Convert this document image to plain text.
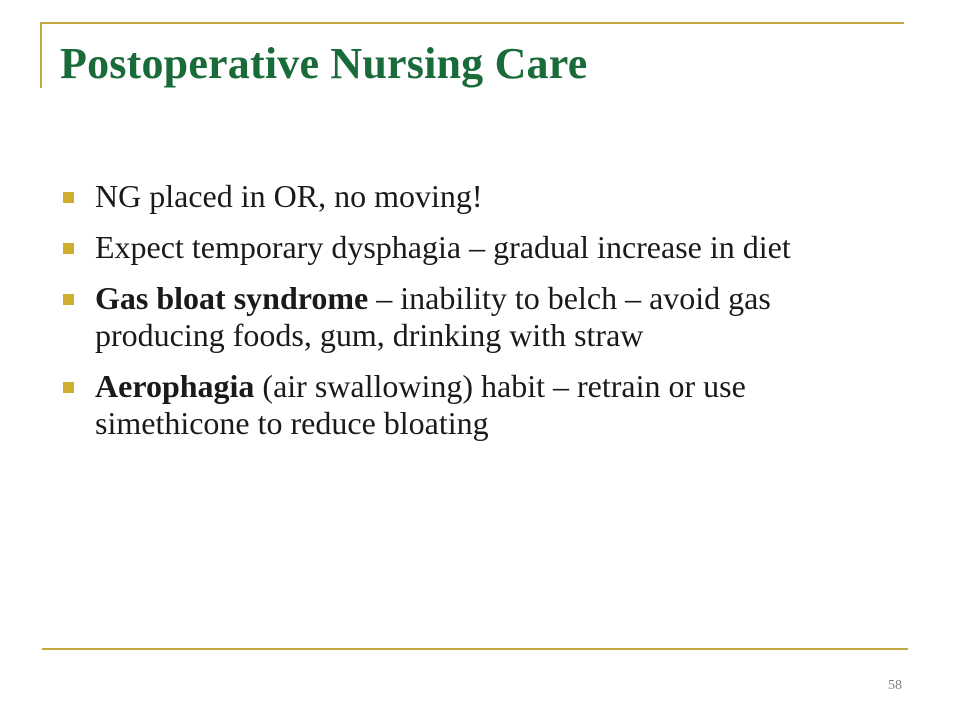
Postoperative Nursing Care
NG placed in OR, no moving!
Expect temporary dysphagia – gradual increase in diet
Gas bloat syndrome – inability to belch – avoid gas producing foods, gum, drinking with straw
Aerophagia (air swallowing) habit – retrain or use simethicone to reduce bloating
58
